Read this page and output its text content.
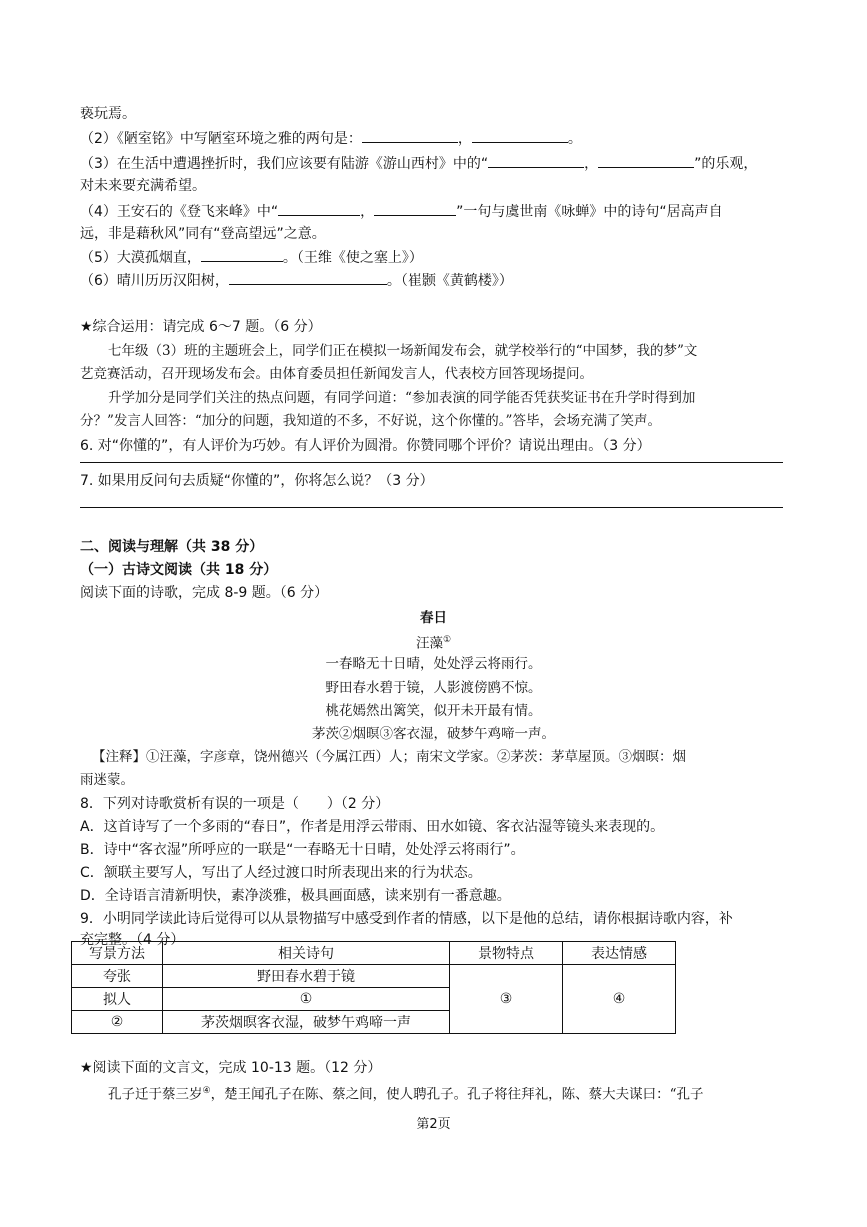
亵玩焉。
（2）《陋室铭》中写陋室环境之雅的两句是：	，	。
（3）在生活中遭遇挫折时，我们应该要有陆游《游山西村》中的“	，	”的乐观，
对未来要充满希望。
（4）王安石的《登飞来峰》中“	，	”一句与虞世南《咏蝉》中的诗句“居高声自
远，非是藉秋风”同有“登高望远”之意。
（5）大漠孤烟直，	。（王维《使之塞上》）
（6）晴川历历汉阳树，	。（崔颢《黄鹤楼》）
★综合运用：请完成 6～7 题。（6 分）
七年级（3）班的主题班会上，同学们正在模拟一场新闻发布会，就学校举行的“中国梦，我的梦”文
艺竞赛活动，召开现场发布会。由体育委员担任新闻发言人，代表校方回答现场提问。
升学加分是同学们关注的热点问题，有同学问道：“参加表演的同学能否凭获奖证书在升学时得到加
分？”发言人回答：“加分的问题，我知道的不多，不好说，这个你懂的。”答毕，会场充满了笑声。
6. 对“你懂的”，有人评价为巧妙。有人评价为圆滑。你赞同哪个评价？请说出理由。（3 分）
7. 如果用反问句去质疑“你懂的”，你将怎么说？（3 分）
二、阅读与理解（共 38 分）
（一）古诗文阅读（共 18 分）
阅读下面的诗歌，完成 8-9 题。（6 分）
春日
汪藻①
一春略无十日晴，处处浮云将雨行。
野田春水碧于镜，人影渡傍鸥不惊。
桃花嫣然出篱笑，似开未开最有情。
茅茨②烟暝③客衣湿，破梦午鸡啼一声。
【注释】①汪藻，字彦章，饶州德兴（今属江西）人；南宋文学家。②茅茨：茅草屋顶。③烟暝：烟
雨迷蒙。
8．下列对诗歌赏析有误的一项是（　　）（2 分）
A．这首诗写了一个多雨的“春日”，作者是用浮云带雨、田水如镜、客衣沾湿等镜头来表现的。
B．诗中“客衣湿”所呼应的一联是“一春略无十日晴，处处浮云将雨行”。
C．颔联主要写人，写出了人经过渡口时所表现出来的行为状态。
D．全诗语言清新明快，素净淡雅，极具画面感，读来别有一番意趣。
9．小明同学读此诗后觉得可以从景物描写中感受到作者的情感，以下是他的总结，请你根据诗歌内容，补
充完整。（4 分）
写景方法	相关诗句	景物特点	表达情感
夸张	野田春水碧于镜	③	④
拟人	①		
②	茅茨烟暝客衣湿，破梦午鸡啼一声		
★阅读下面的文言文，完成 10-13 题。（12 分）
孔子迁于蔡三岁④，楚王闻孔子在陈、蔡之间，使人聘孔子。孔子将往拜礼，陈、蔡大夫谋曰：“孔子
第2页
